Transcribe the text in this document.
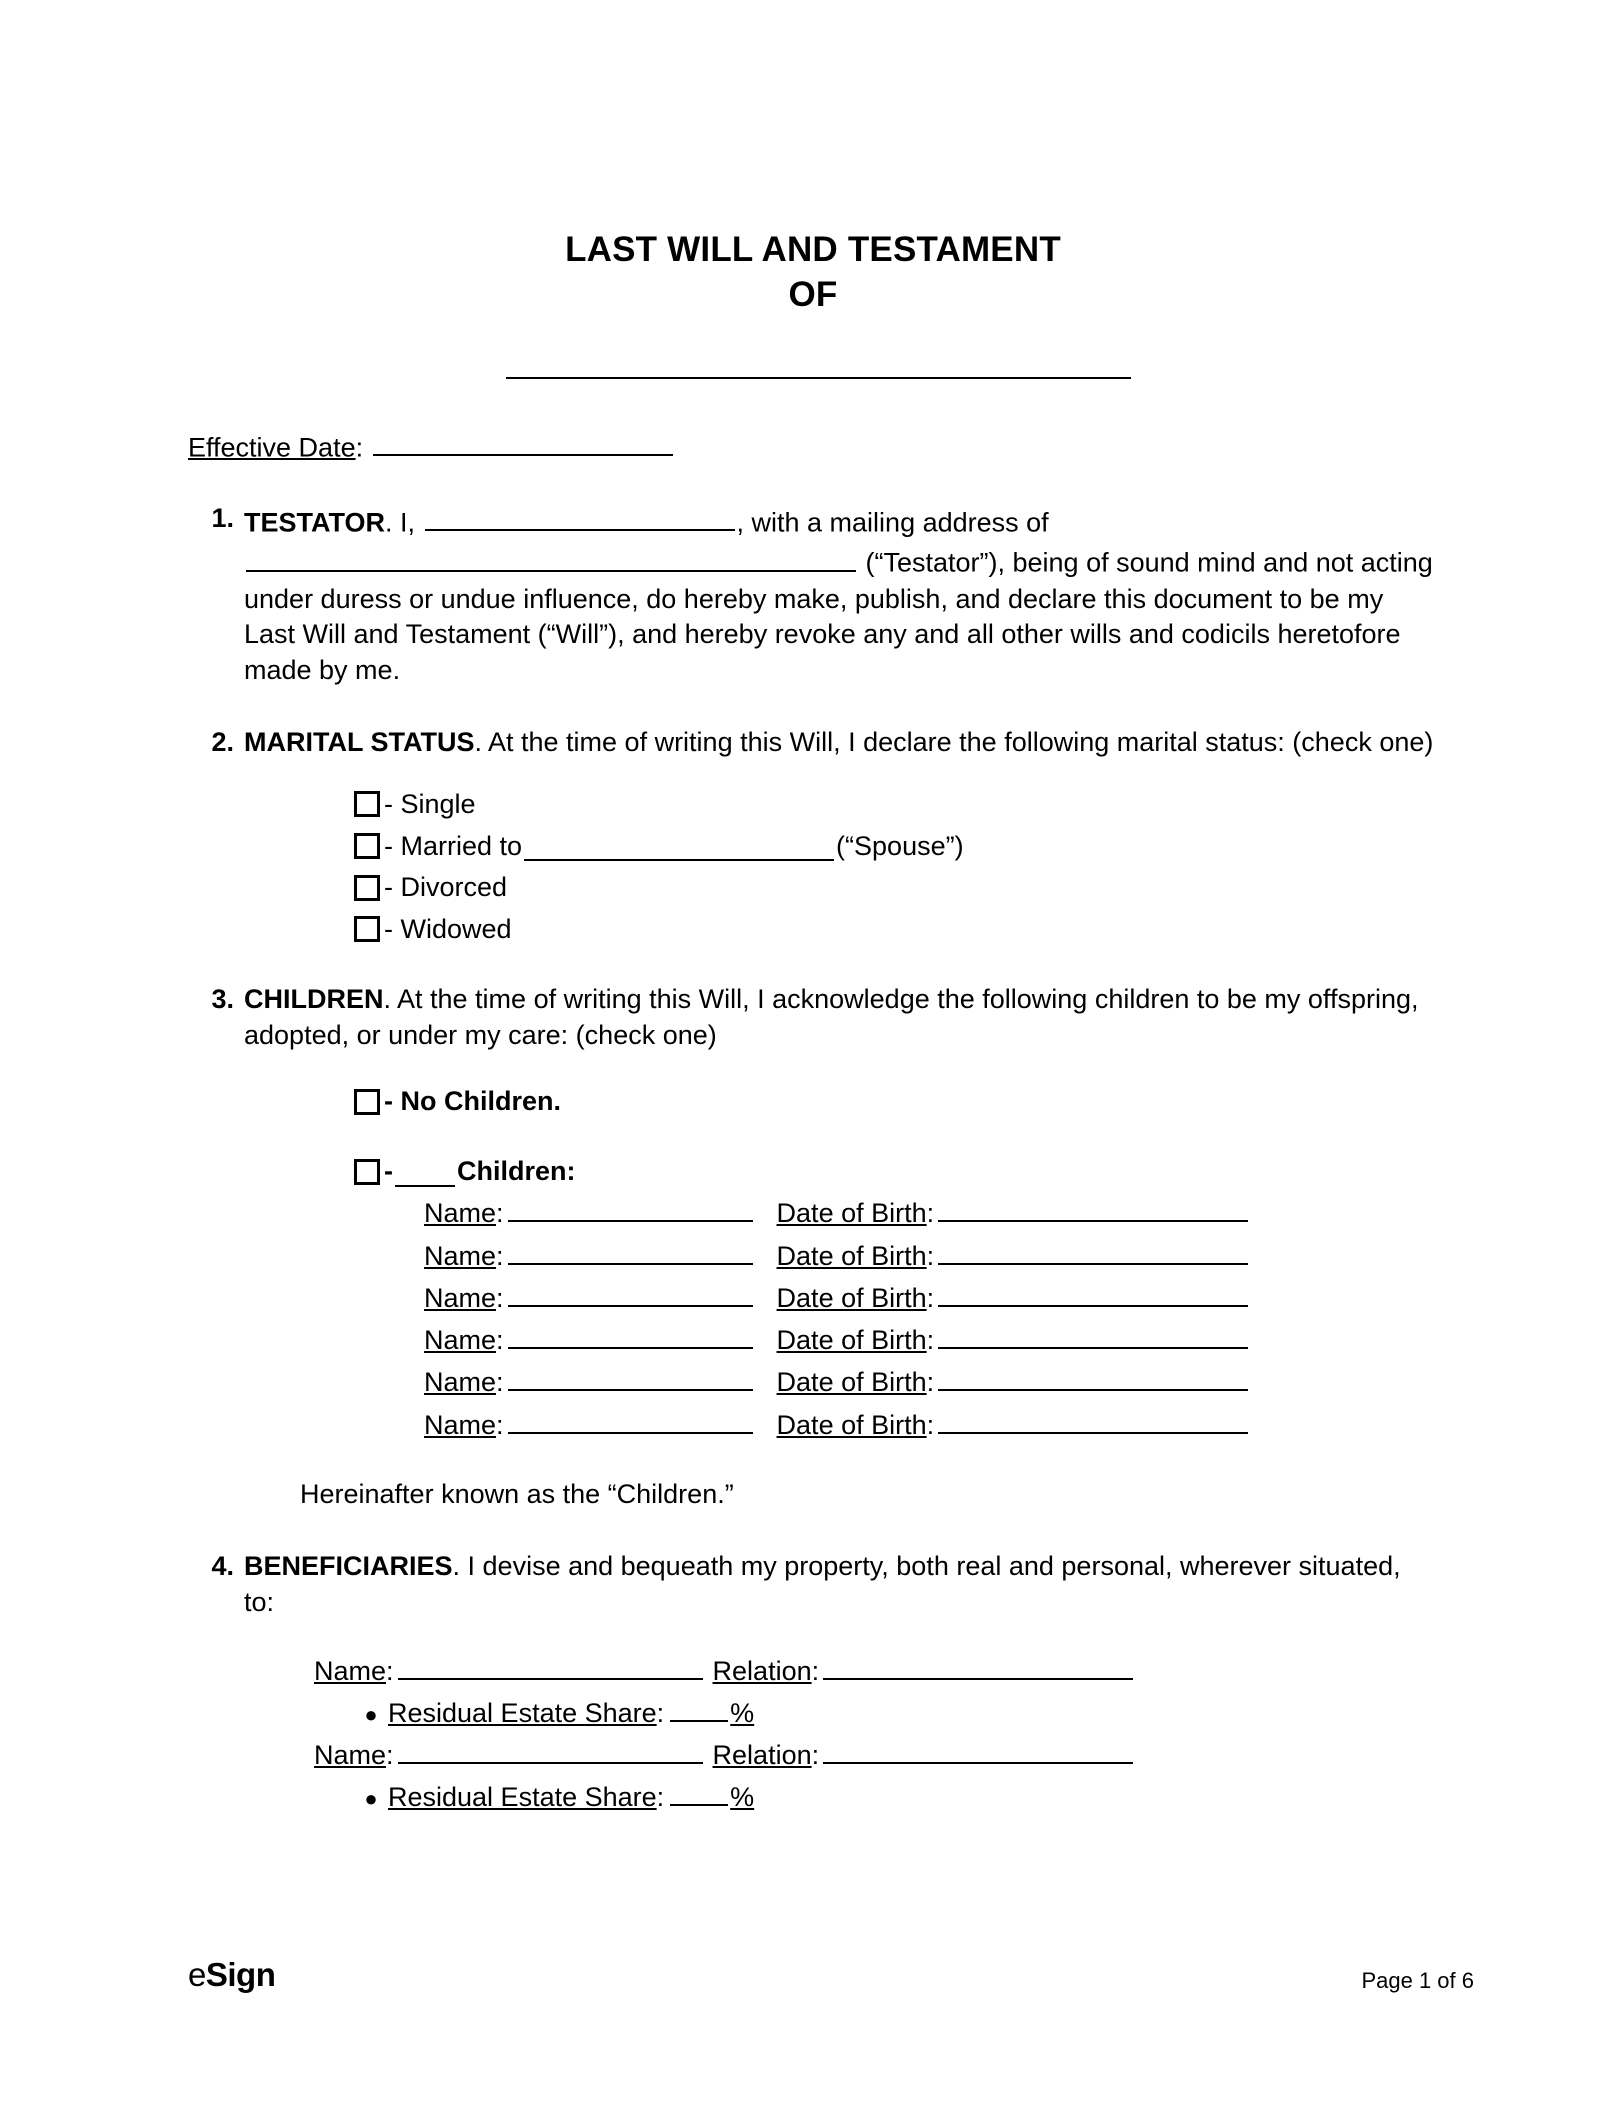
LAST WILL AND TESTAMENT
OF
Effective Date:
1. TESTATOR. I,	, with a mailing address of  (“Testator”), being of sound mind and not acting under duress or undue influence, do hereby make, publish, and declare this document to be my Last Will and Testament (“Will”), and hereby revoke any and all other wills and codicils heretofore made by me.
2. MARITAL STATUS. At the time of writing this Will, I declare the following marital status: (check one)
- Single
- Married to	(“Spouse”)
- Divorced
- Widowed
3. CHILDREN. At the time of writing this Will, I acknowledge the following children to be my offspring, adopted, or under my care: (check one)
- No Children.
- Children:
Name :	Date of Birth :
Name :	Date of Birth :
Name :	Date of Birth :
Name :	Date of Birth :
Name :	Date of Birth :
Name :	Date of Birth :
Hereinafter known as the “Children.”
4. BENEFICIARIES. I devise and bequeath my property, both real and personal, wherever situated, to:
Name :	Relation :
● Residual Estate Share : %
Name :	Relation :
● Residual Estate Share : %
eSign	Page 1 of 6
